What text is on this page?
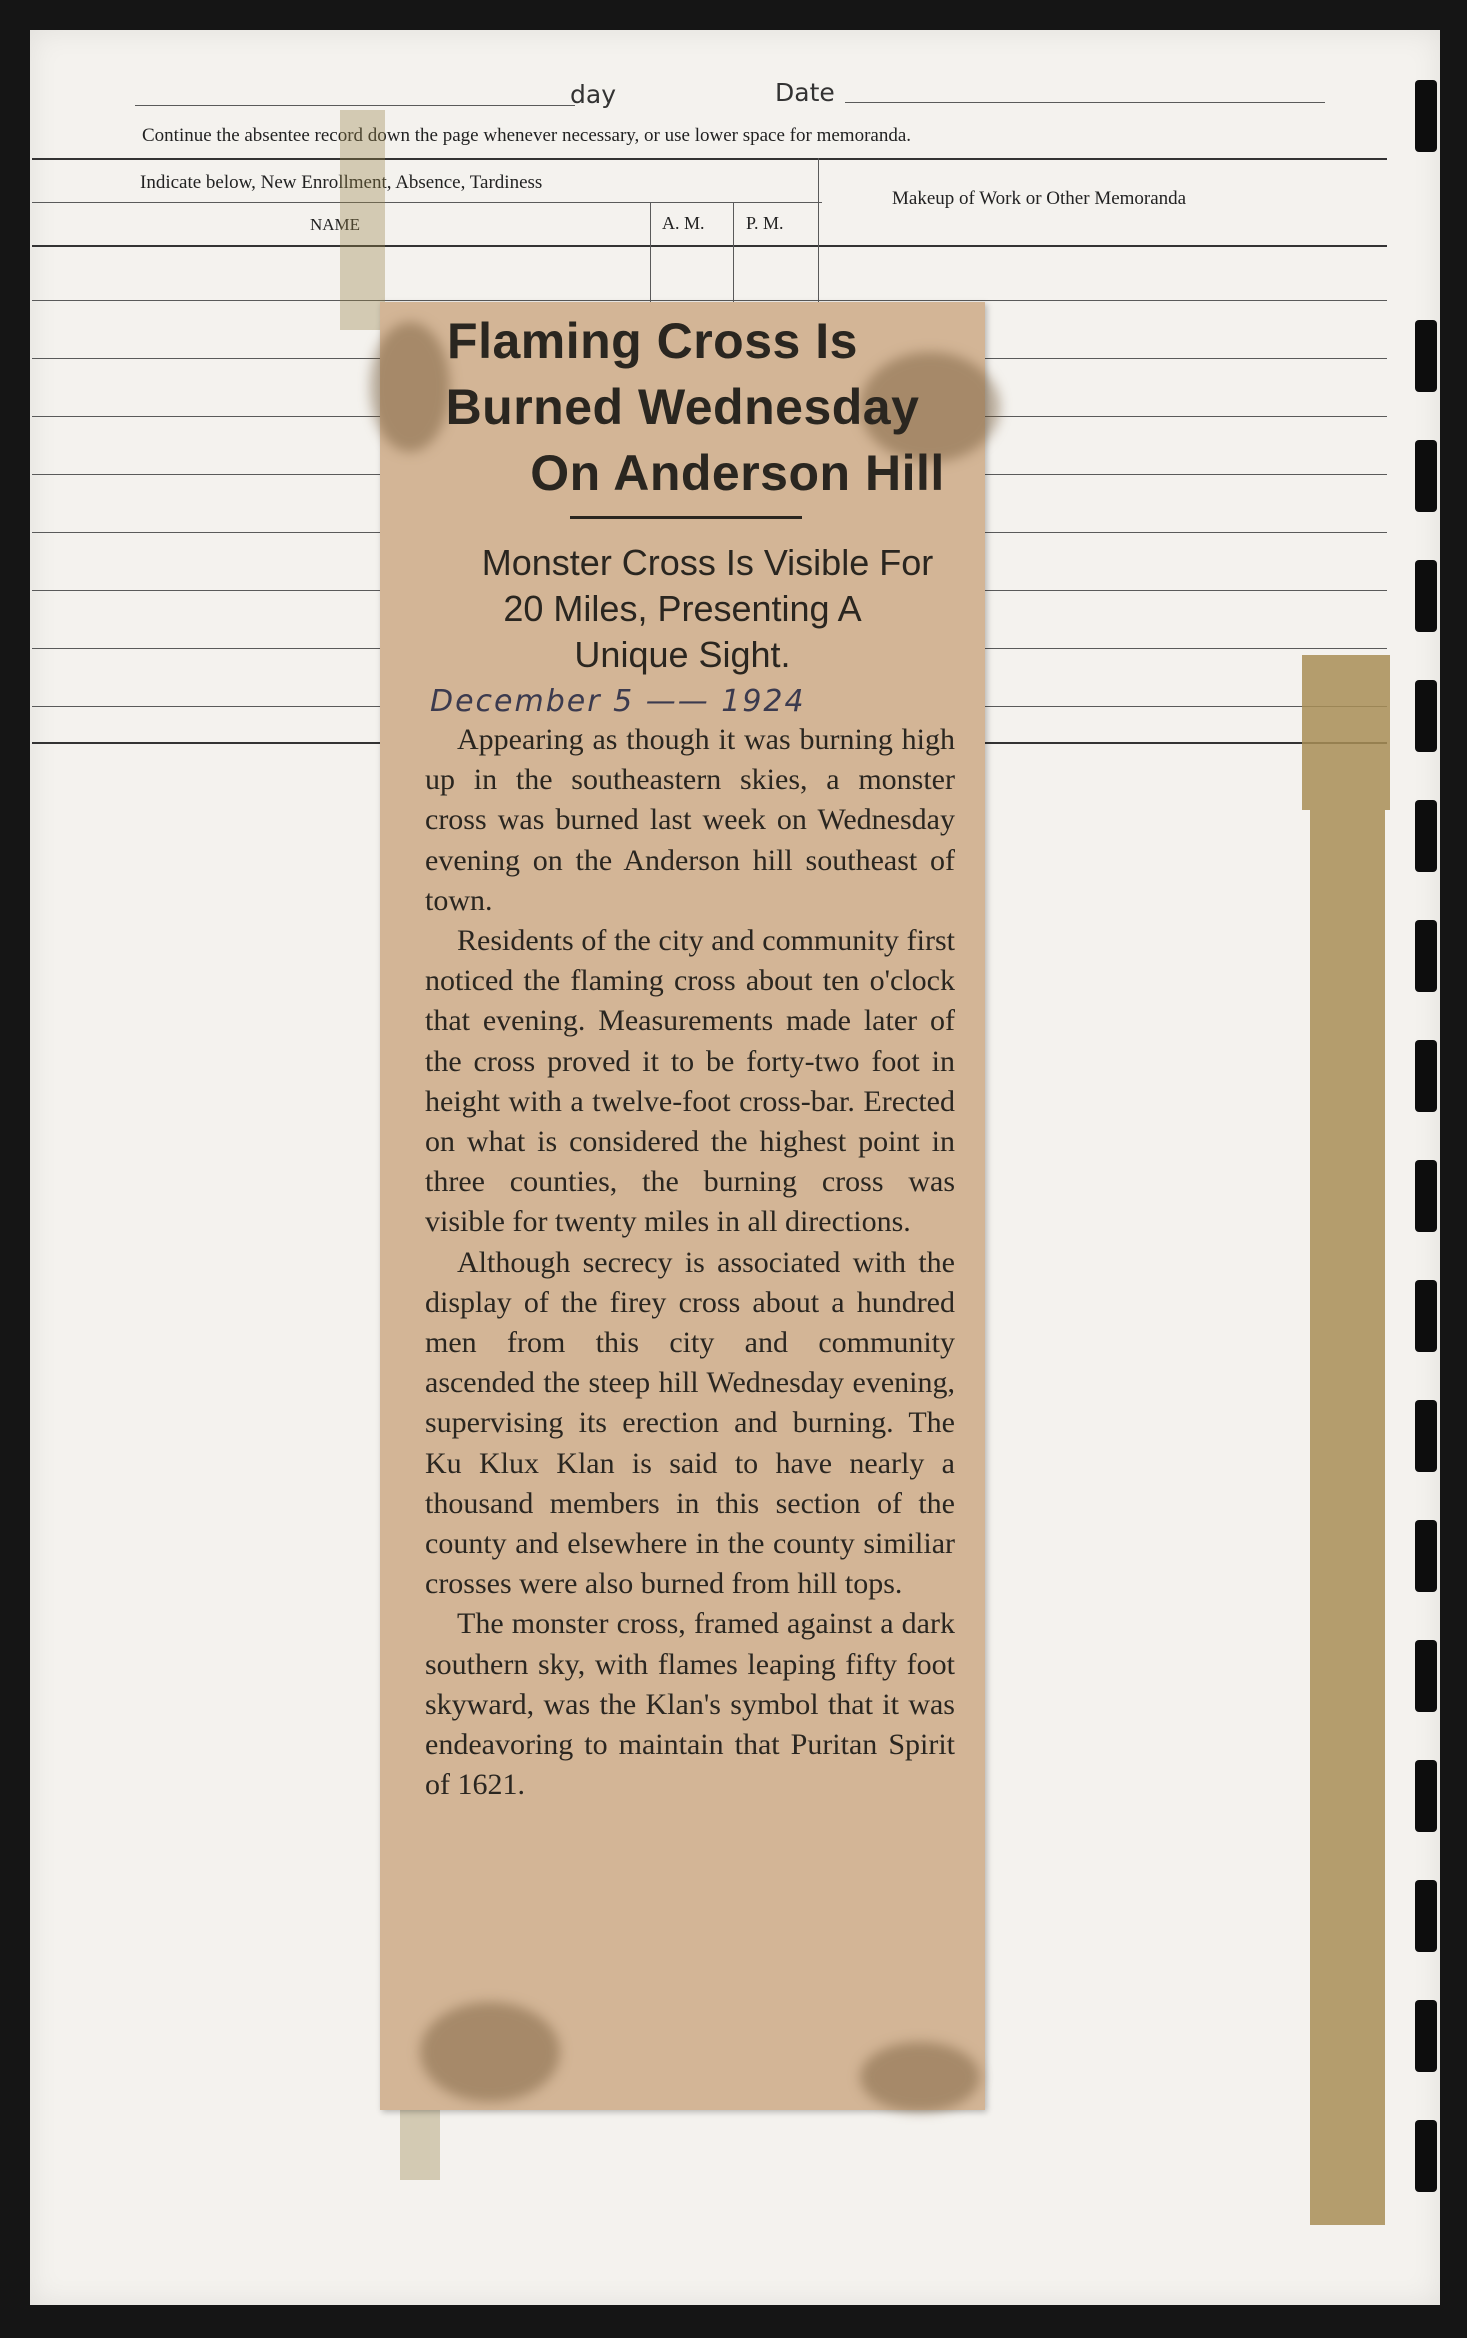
day	Date
Continue the absentee record down the page whenever necessary, or use lower space for memoranda.
Indicate below, New Enrollment, Absence, Tardiness
Makeup of Work or Other Memoranda
NAME	A. M. P. M.
Flaming Cross Is
Burned Wednesday
On Anderson Hill
Monster Cross Is Visible For
20 Miles, Presenting A
Unique Sight.
December 5 —— 1924

Appearing as though it was burning high up in the southeastern skies, a monster cross was burned last week on Wednesday evening on the Anderson hill southeast of town.

Residents of the city and community first noticed the flaming cross about ten o'clock that evening. Measurements made later of the cross proved it to be forty-two foot in height with a twelve-foot cross-bar. Erected on what is considered the highest point in three counties, the burning cross was visible for twenty miles in all directions.

Although secrecy is associated with the display of the firey cross about a hundred men from this city and community ascended the steep hill Wednesday evening, supervising its erection and burning. The Ku Klux Klan is said to have nearly a thousand members in this section of the county and elsewhere in the county similiar crosses were also burned from hill tops.

The monster cross, framed against a dark southern sky, with flames leaping fifty foot skyward, was the Klan's symbol that it was endeavoring to maintain that Puritan Spirit of 1621.
